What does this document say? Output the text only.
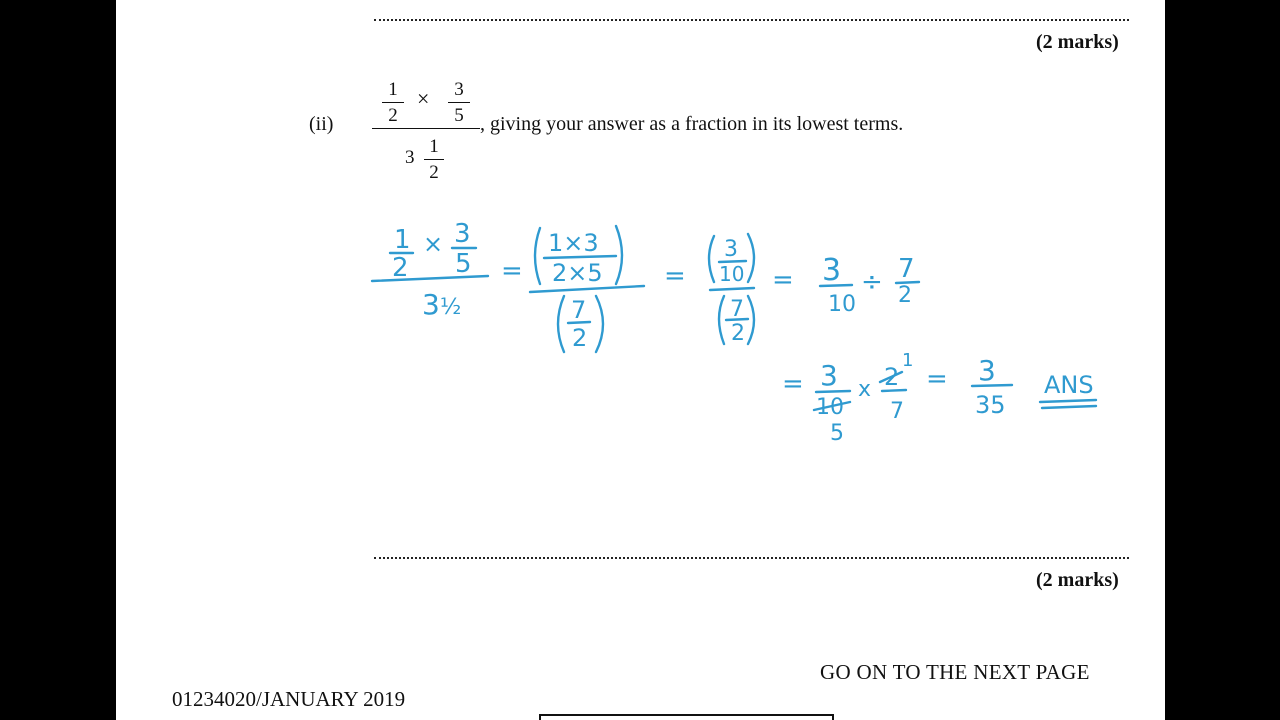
(2 marks)
(ii)
1
2
× 3
5
3
1
2
, giving your answer as a fraction in its lowest terms.
1
2
× 3
5
3 ½
=
1×3
2×5
7
2
=
3
10
7
2
= 3
10
÷ 7
2
= 3
10
5
x 2
1
7
= 3
35
ANS
(2 marks)
GO ON TO THE NEXT PAGE
01234020/JANUARY 2019
